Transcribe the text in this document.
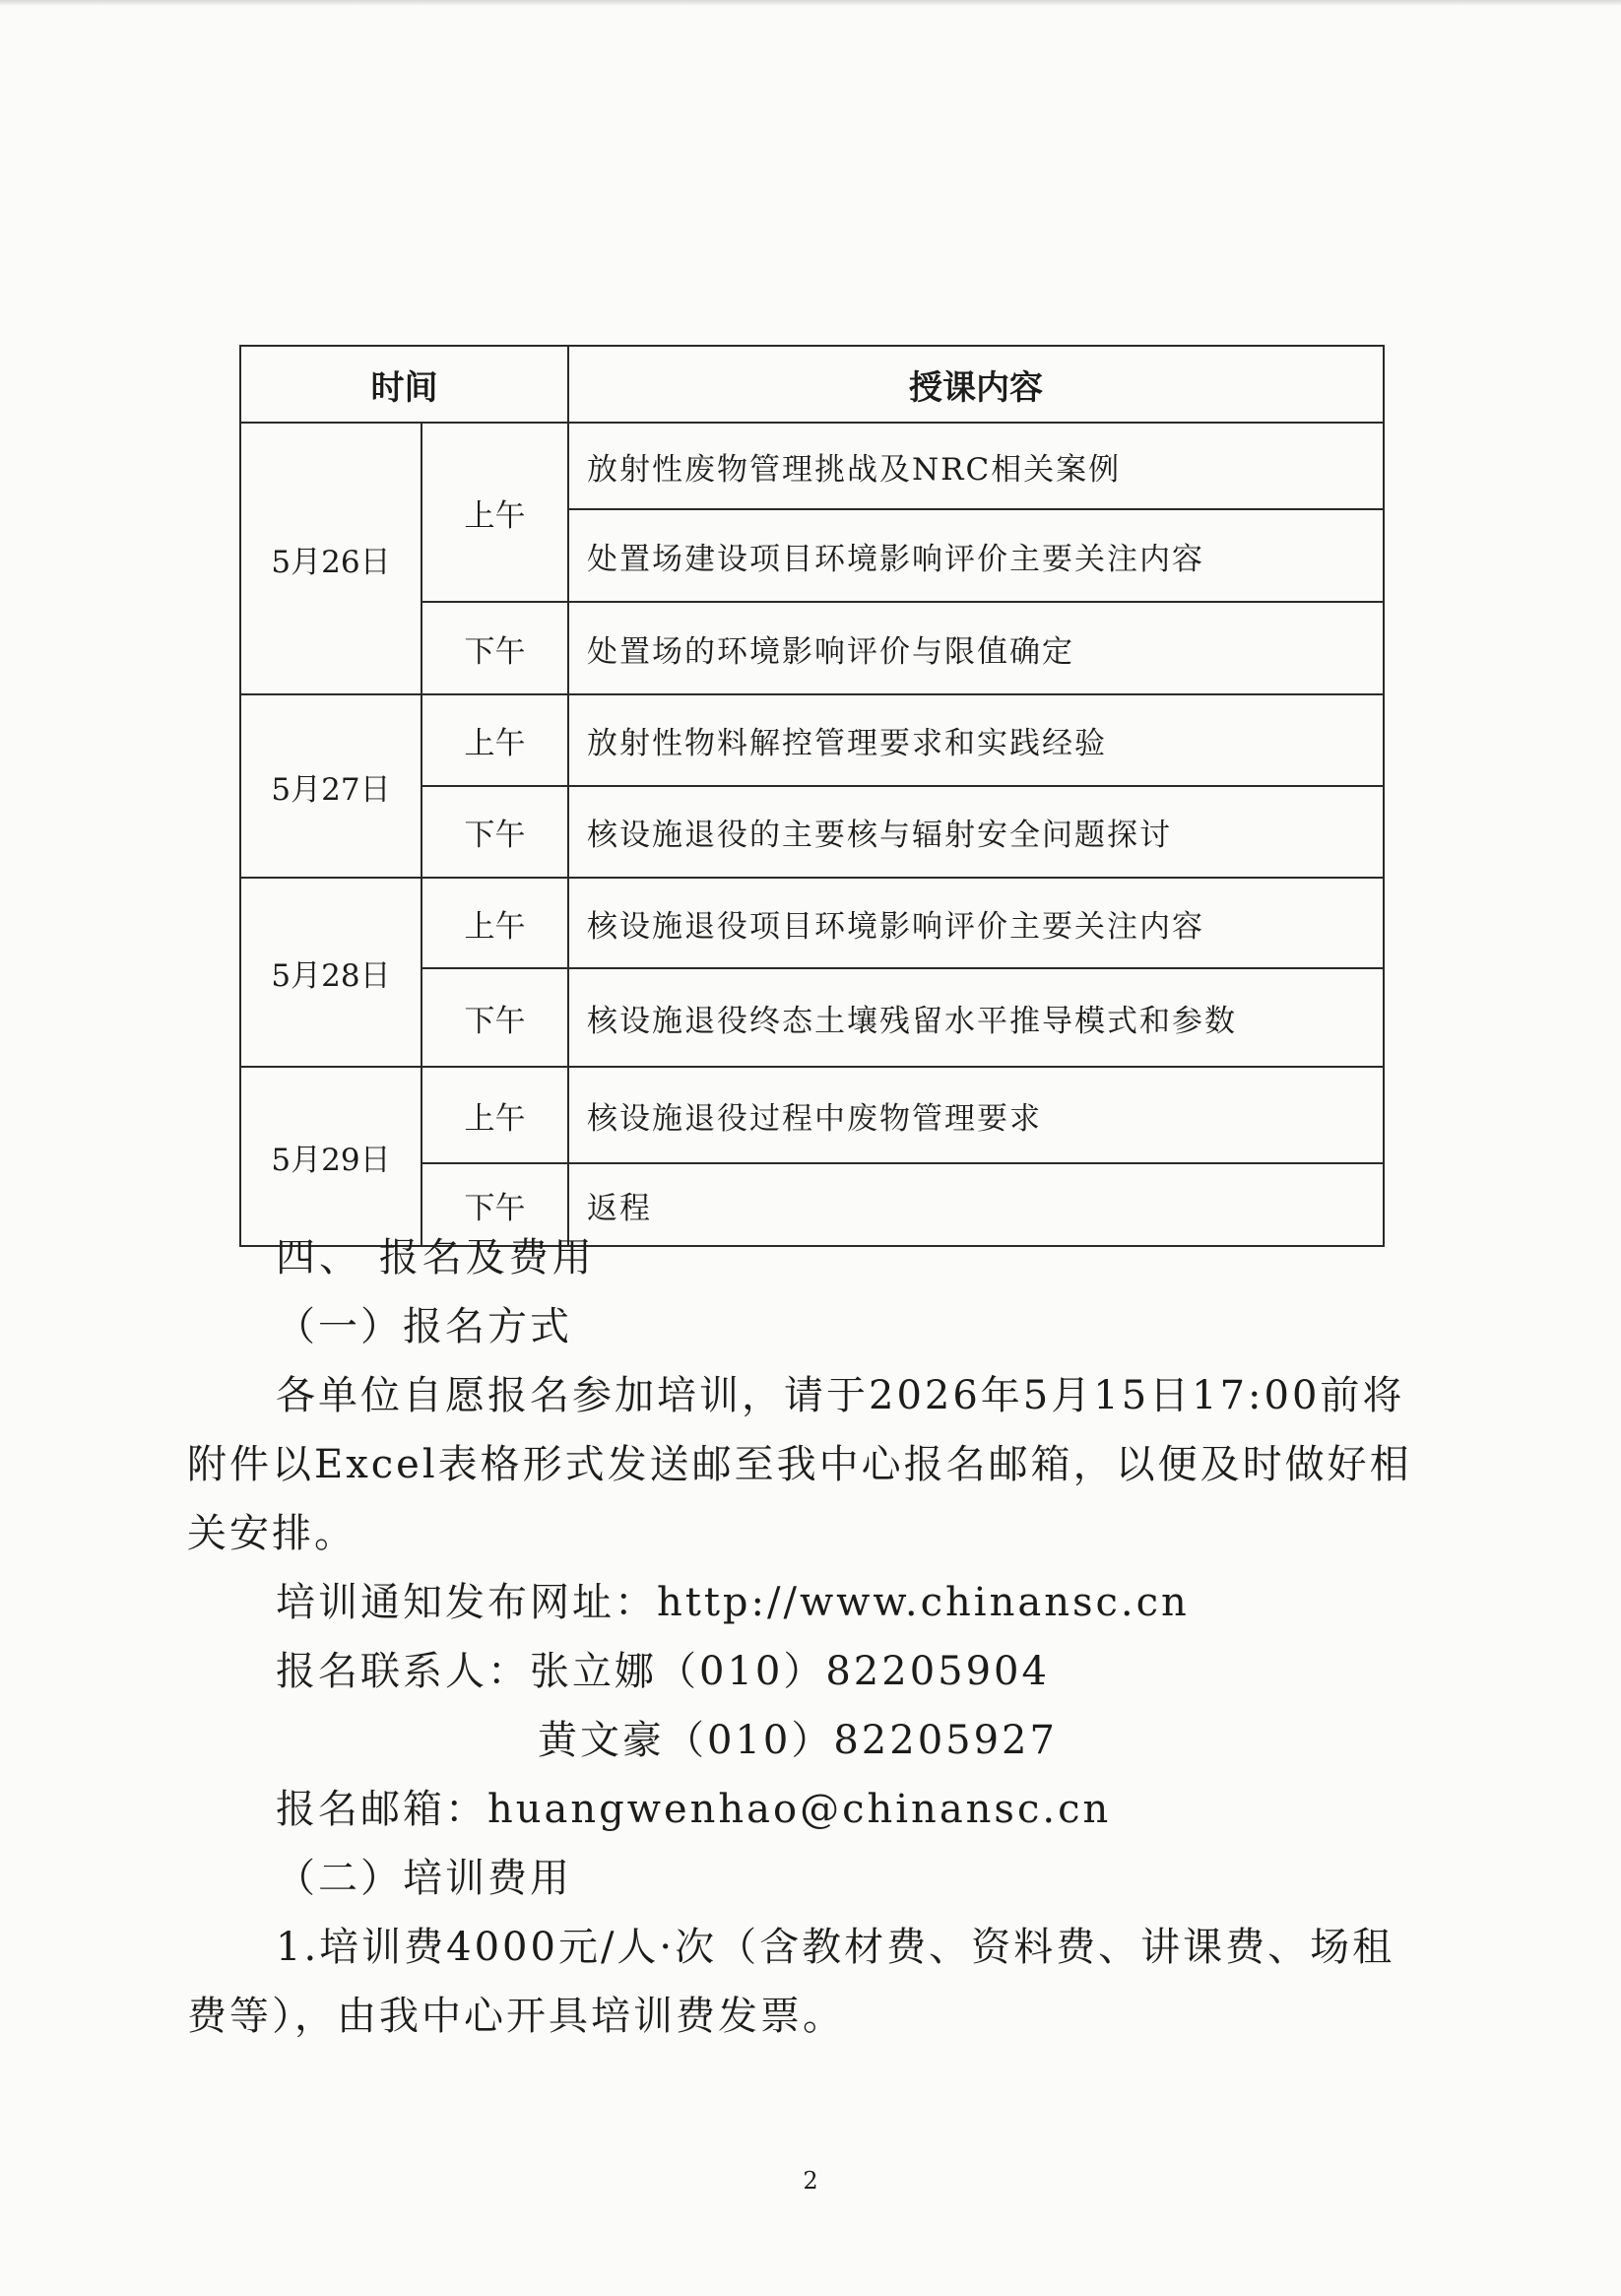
时间		授课内容
5月26日	上午	放射性废物管理挑战及NRC相关案例
		处置场建设项目环境影响评价主要关注内容
	下午	处置场的环境影响评价与限值确定
5月27日	上午	放射性物料解控管理要求和实践经验
	下午	核设施退役的主要核与辐射安全问题探讨
5月28日	上午	核设施退役项目环境影响评价主要关注内容
	下午	核设施退役终态土壤残留水平推导模式和参数
5月29日	上午	核设施退役过程中废物管理要求
	下午	返程

四、 报名及费用

（一）报名方式

各单位自愿报名参加培训，请于2026年5月15日17:00前将

附件以Excel表格形式发送邮至我中心报名邮箱，以便及时做好相

关安排。

培训通知发布网址：http://www.chinansc.cn

报名联系人：张立娜（010）82205904

黄文豪（010）82205927

报名邮箱：huangwenhao@chinansc.cn

（二）培训费用

1.培训费4000元/人·次（含教材费、资料费、讲课费、场租

费等），由我中心开具培训费发票。

2
